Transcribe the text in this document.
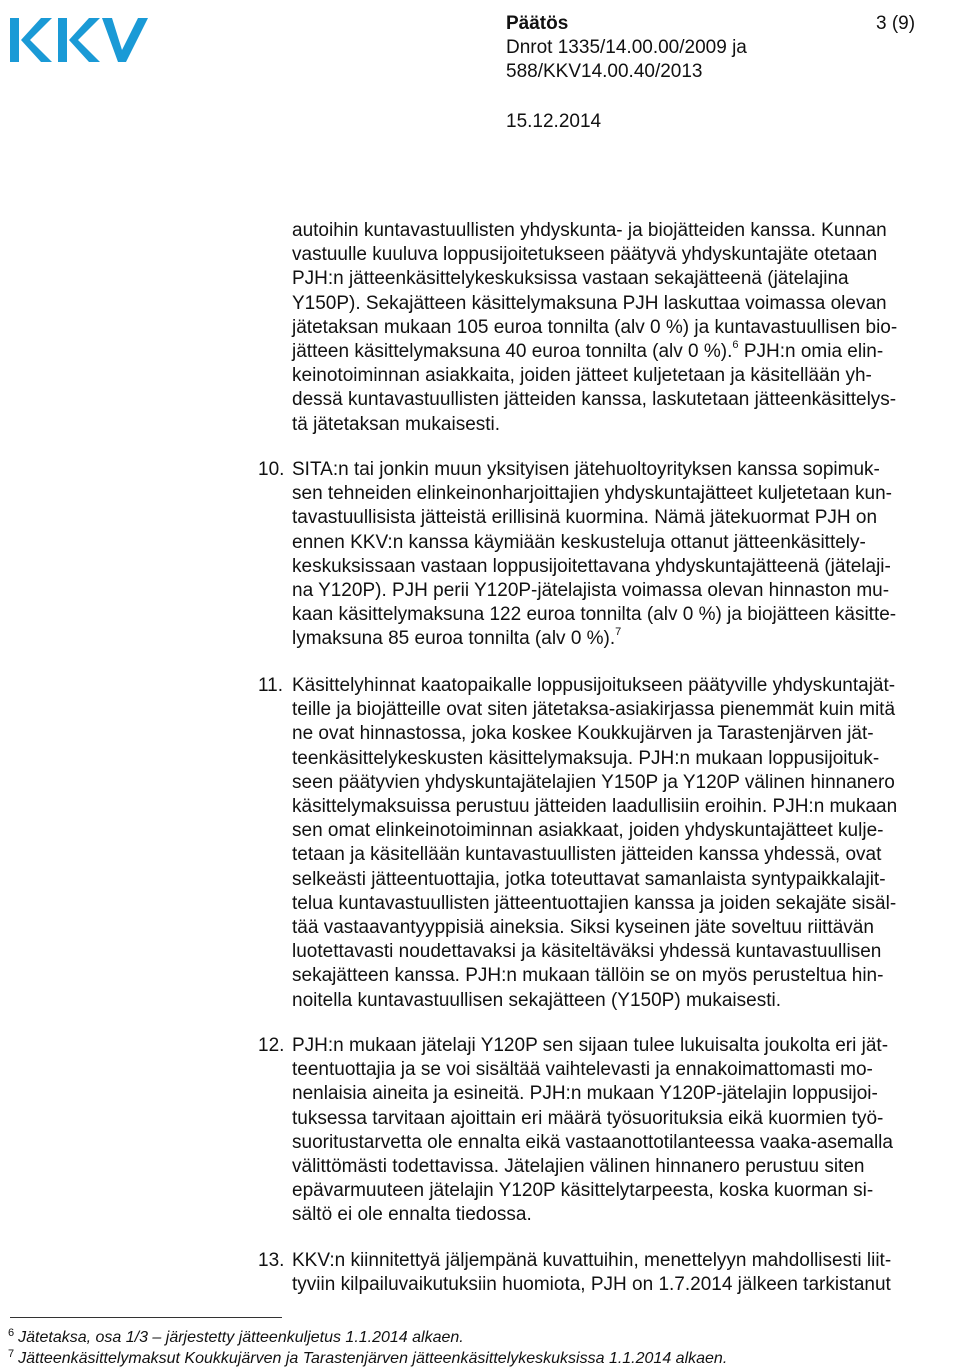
Päätös	3 (9)
Dnrot 1335/14.00.00/2009 ja
588/KKV14.00.40/2013
15.12.2014
autoihin kuntavastuullisten yhdyskunta- ja biojätteiden kanssa. Kunnan
vastuulle kuuluva loppusijoitetukseen päätyvä yhdyskuntajäte otetaan
PJH:n jätteenkäsittelykeskuksissa vastaan sekajätteenä (jätelajina
Y150P). Sekajätteen käsittelymaksuna PJH laskuttaa voimassa olevan
jätetaksan mukaan 105 euroa tonnilta (alv 0 %) ja kuntavastuullisen bio-
jätteen käsittelymaksuna 40 euroa tonnilta (alv 0 %).$^6$ PJH:n omia elin-
keinotoiminnan asiakkaita, joiden jätteet kuljetetaan ja käsitellään yh-
dessä kuntavastuullisten jätteiden kanssa, laskutetaan jätteenkäsittelys-
tä jätetaksan mukaisesti.
10. SITA:n tai jonkin muun yksityisen jätehuoltoyrityksen kanssa sopimuk-
sen tehneiden elinkeinonharjoittajien yhdyskuntajätteet kuljetetaan kun-
tavastuullisista jätteistä erillisinä kuormina. Nämä jätekuormat PJH on
ennen KKV:n kanssa käymiään keskusteluja ottanut jätteenkäsittely-
keskuksissaan vastaan loppusijoitettavana yhdyskuntajätteenä (jätelaji-
na Y120P). PJH perii Y120P-jätelajista voimassa olevan hinnaston mu-
kaan käsittelymaksuna 122 euroa tonnilta (alv 0 %) ja biojätteen käsitte-
lymaksuna 85 euroa tonnilta (alv 0 %).$^7$
11. Käsittelyhinnat kaatopaikalle loppusijoitukseen päätyville yhdyskuntajät-
teille ja biojätteille ovat siten jätetaksa-asiakirjassa pienemmät kuin mitä
ne ovat hinnastossa, joka koskee Koukkujärven ja Tarastenjärven jät-
teenkäsittelykeskusten käsittelymaksuja. PJH:n mukaan loppusijoituk-
seen päätyvien yhdyskuntajätelajien Y150P ja Y120P välinen hinnanero
käsittelymaksuissa perustuu jätteiden laadullisiin eroihin. PJH:n mukaan
sen omat elinkeinotoiminnan asiakkaat, joiden yhdyskuntajätteet kulje-
tetaan ja käsitellään kuntavastuullisten jätteiden kanssa yhdessä, ovat
selkeästi jätteentuottajia, jotka toteuttavat samanlaista syntypaikkalajit-
telua kuntavastuullisten jätteentuottajien kanssa ja joiden sekajäte sisäl-
tää vastaavantyyppisiä aineksia. Siksi kyseinen jäte soveltuu riittävän
luotettavasti noudettavaksi ja käsiteltäväksi yhdessä kuntavastuullisen
sekajätteen kanssa. PJH:n mukaan tällöin se on myös perusteltua hin-
noitella kuntavastuullisen sekajätteen (Y150P) mukaisesti.
12. PJH:n mukaan jätelaji Y120P sen sijaan tulee lukuisalta joukolta eri jät-
teentuottajia ja se voi sisältää vaihtelevasti ja ennakoimattomasti mo-
nenlaisia aineita ja esineitä. PJH:n mukaan Y120P-jätelajin loppusijoi-
tuksessa tarvitaan ajoittain eri määrä työsuorituksia eikä kuormien työ-
suoritustarvetta ole ennalta eikä vastaanottotilanteessa vaaka-asemalla
välittömästi todettavissa. Jätelajien välinen hinnanero perustuu siten
epävarmuuteen jätelajin Y120P käsittelytarpeesta, koska kuorman si-
sältö ei ole ennalta tiedossa.
13. KKV:n kiinnitettyä jäljempänä kuvattuihin, menettelyyn mahdollisesti liit-
tyviin kilpailuvaikutuksiin huomiota, PJH on 1.7.2014 jälkeen tarkistanut
$^6$ Jätetaksa, osa 1/3 – järjestetty jätteenkuljetus 1.1.2014 alkaen.
$^7$ Jätteenkäsittelymaksut Koukkujärven ja Tarastenjärven jätteenkäsittelykeskuksissa 1.1.2014 alkaen.
